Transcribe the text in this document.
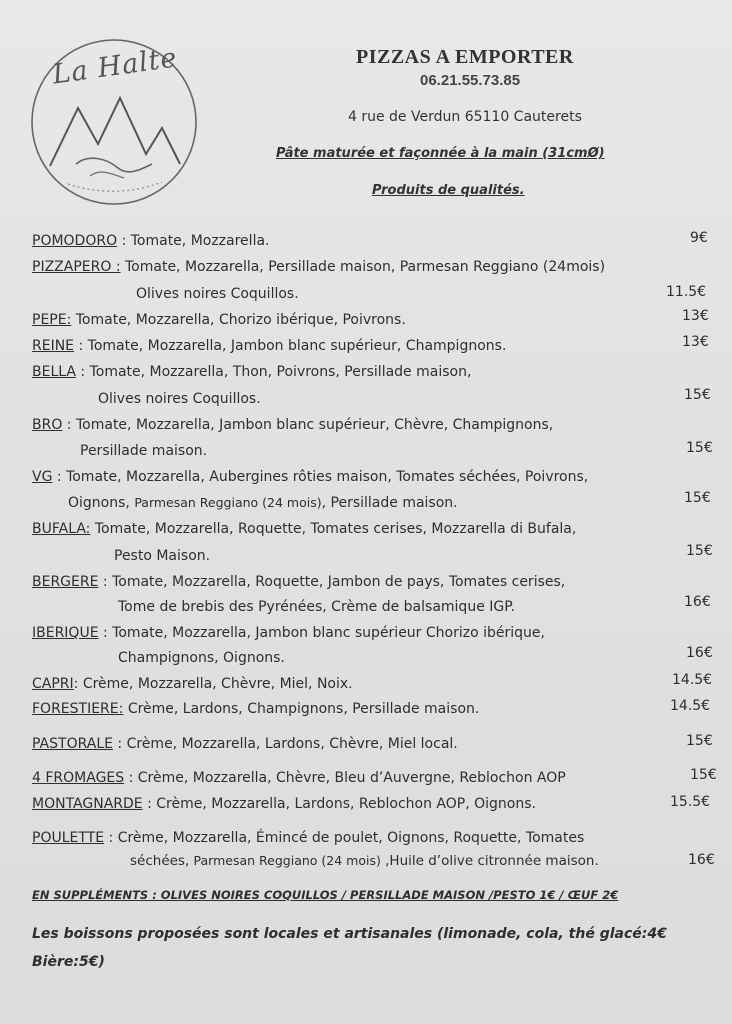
La Halte	PIZZAS A EMPORTER
06.21.55.73.85
4 rue de Verdun 65110 Cauterets
Pâte maturée et façonnée à la main (31cmØ)
Produits de qualités.
POMODORO : Tomate, Mozzarella.	9€
PIZZAPERO : Tomate, Mozzarella, Persillade maison, Parmesan Reggiano (24mois)
Olives noires Coquillos.	11.5€
PEPE: Tomate, Mozzarella, Chorizo ibérique, Poivrons.	13€
REINE : Tomate, Mozzarella, Jambon blanc supérieur, Champignons.	13€
BELLA : Tomate, Mozzarella, Thon, Poivrons, Persillade maison,
Olives noires Coquillos.	15€
BRO : Tomate, Mozzarella, Jambon blanc supérieur, Chèvre, Champignons,
Persillade maison.	15€
VG : Tomate, Mozzarella, Aubergines rôties maison, Tomates séchées, Poivrons,
Oignons, Parmesan Reggiano (24 mois), Persillade maison.	15€
BUFALA: Tomate, Mozzarella, Roquette, Tomates cerises, Mozzarella di Bufala,
Pesto Maison.	15€
BERGERE : Tomate, Mozzarella, Roquette, Jambon de pays, Tomates cerises,
Tome de brebis des Pyrénées, Crème de balsamique IGP.	16€
IBERIQUE : Tomate, Mozzarella, Jambon blanc supérieur Chorizo ibérique,
Champignons, Oignons.	16€
CAPRI: Crème, Mozzarella, Chèvre, Miel, Noix.	14.5€
FORESTIERE: Crème, Lardons, Champignons, Persillade maison.	14.5€
PASTORALE : Crème, Mozzarella, Lardons, Chèvre, Miel local.	15€
4 FROMAGES : Crème, Mozzarella, Chèvre, Bleu d’Auvergne, Reblochon AOP	15€
MONTAGNARDE : Crème, Mozzarella, Lardons, Reblochon AOP, Oignons.	15.5€
POULETTE : Crème, Mozzarella, Émincé de poulet, Oignons, Roquette, Tomates
séchées, Parmesan Reggiano (24 mois) ,Huile d’olive citronnée maison.	16€
EN SUPPLÉMENTS : OLIVES NOIRES COQUILLOS / PERSILLADE MAISON /PESTO 1€ / ŒUF 2€
Les boissons proposées sont locales et artisanales (limonade, cola, thé glacé:4€
Bière:5€)
